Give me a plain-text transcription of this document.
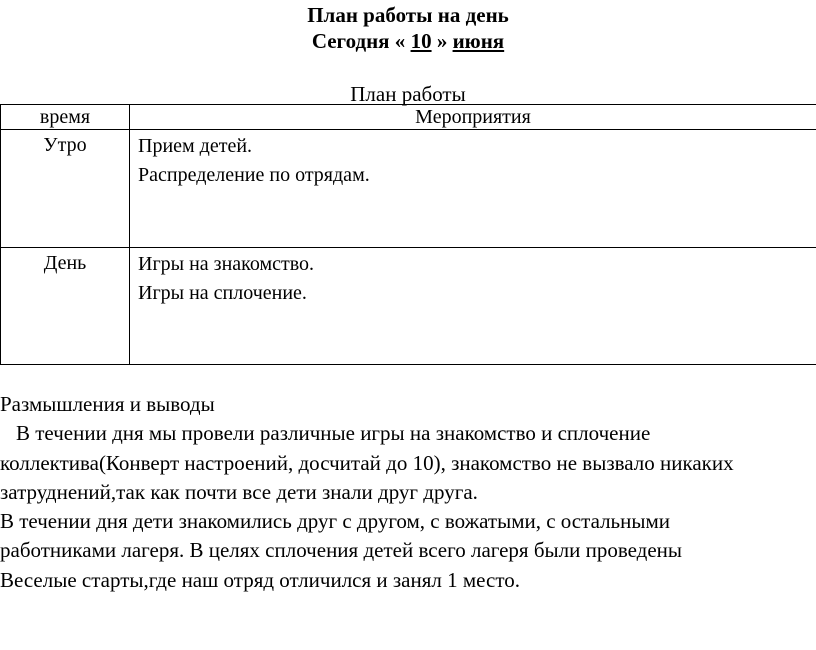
План работы на день
Сегодня « 10 » июня
План работы
время	Мероприятия
Утро	Прием детей.
Распределение по отрядам.

День	Игры на знакомство.
Игры на сплочение.

Размышления и выводы

В течении дня мы провели различные игры на знакомство и сплочение

коллектива(Конверт настроений, досчитай до 10), знакомство не вызвало никаких

затруднений,так как почти все дети знали друг друга.

В течении дня дети знакомились друг с другом, с вожатыми, с остальными

работниками лагеря. В целях сплочения детей всего лагеря были проведены

Веселые старты,где наш отряд отличился и занял 1 место.
